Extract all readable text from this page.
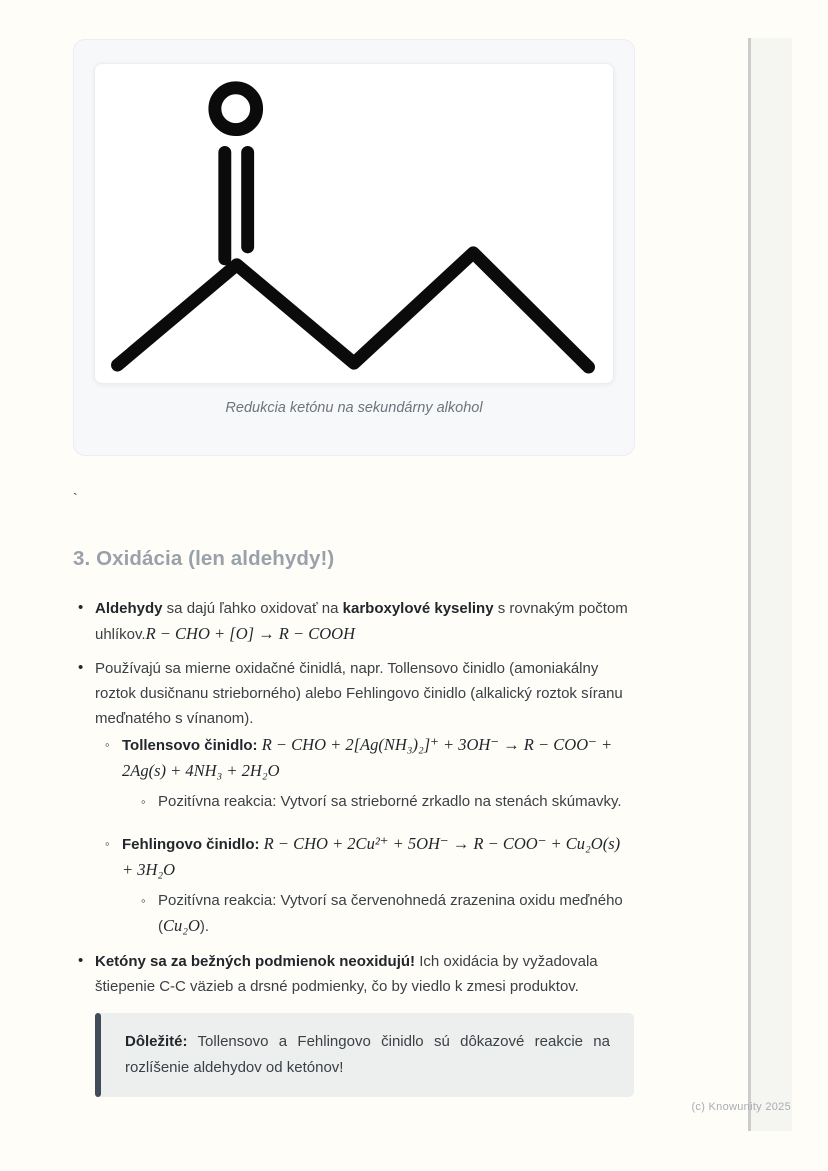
Redukcia ketónu na sekundárny alkohol
`
3. Oxidácia (len aldehydy!)
• Aldehydy sa dajú ľahko oxidovať na karboxylové kyseliny s rovnakým počtom uhlíkov.R − CHO + [O] → R − COOH
• Používajú sa mierne oxidačné činidlá, napr. Tollensovo činidlo (amoniakálny roztok dusičnanu strieborného) alebo Fehlingovo činidlo (alkalický roztok síranu meďnatého s vínanom).
◦ Tollensovo činidlo: R − CHO + 2[Ag(NH₃)₂]⁺ + 3OH⁻ → R − COO⁻ + 2Ag(s) + 4NH₃ + 2H₂O
◦ Pozitívna reakcia: Vytvorí sa strieborné zrkadlo na stenách skúmavky.
◦ Fehlingovo činidlo: R − CHO + 2Cu²⁺ + 5OH⁻ → R − COO⁻ + Cu₂O(s) + 3H₂O
◦ Pozitívna reakcia: Vytvorí sa červenohnedá zrazenina oxidu meďného (Cu₂O).
• Ketóny sa za bežných podmienok neoxidujú! Ich oxidácia by vyžadovala štiepenie C-C väzieb a drsné podmienky, čo by viedlo k zmesi produktov.
Dôležité: Tollensovo a Fehlingovo činidlo sú dôkazové reakcie na rozlíšenie aldehydov od ketónov!
(c) Knowunity 2025
